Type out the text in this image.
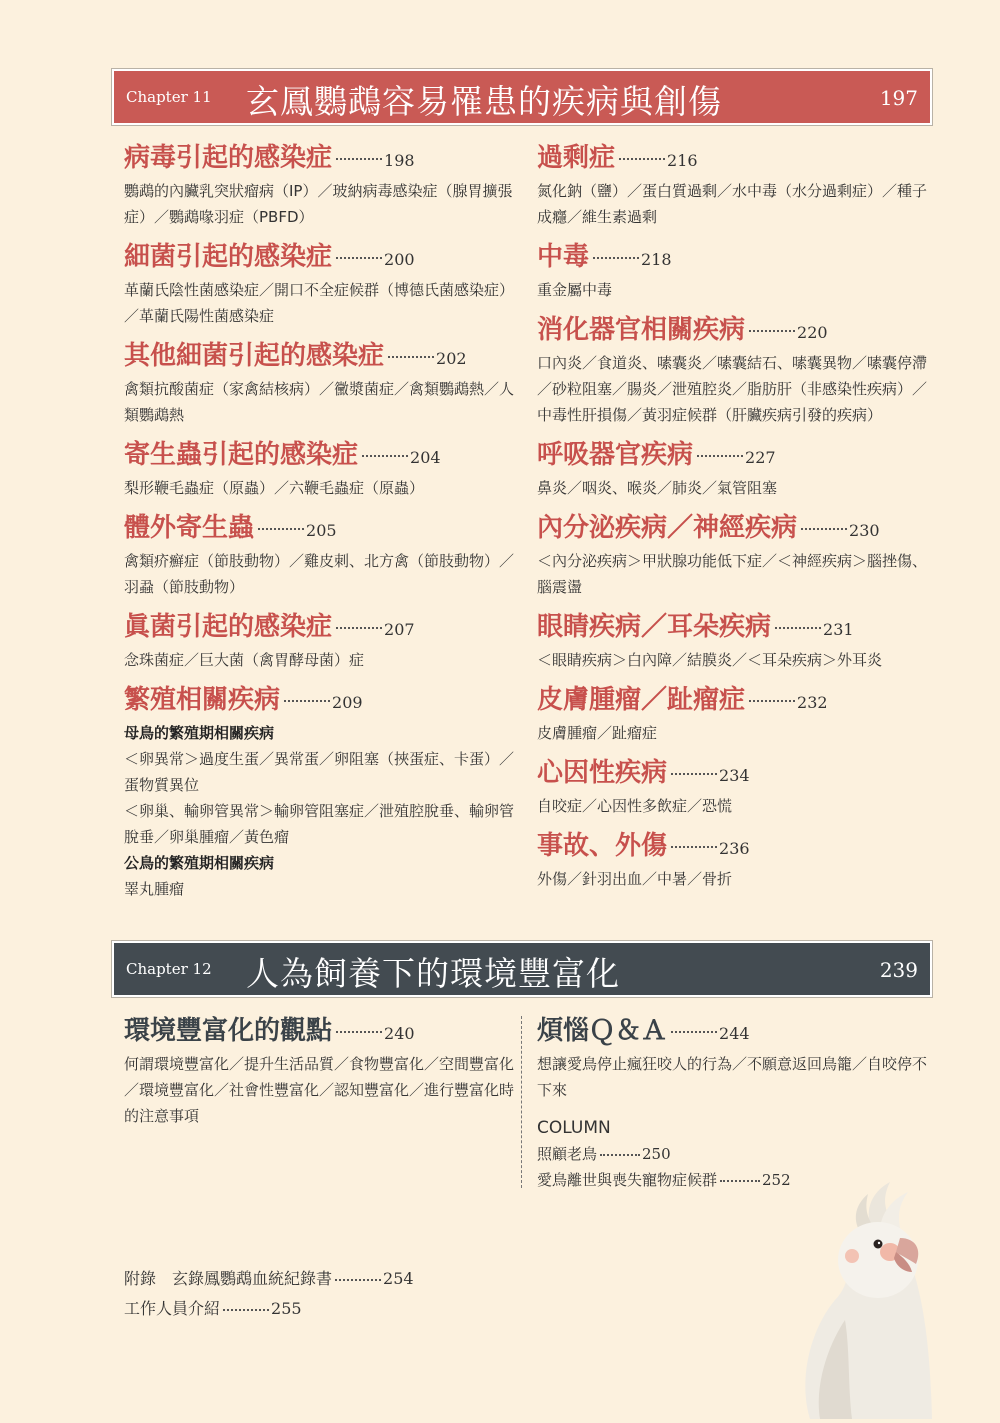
Chapter 11 玄鳳鸚鵡容易罹患的疾病與創傷	197
病毒引起的感染症	198
鸚鵡的內臟乳突狀瘤病（IP）／玻納病毒感染症（腺胃擴張症）／鸚鵡喙羽症（PBFD）
細菌引起的感染症	200
革蘭氏陰性菌感染症／開口不全症候群（博德氏菌感染症）／革蘭氏陽性菌感染症
其他細菌引起的感染症	202
禽類抗酸菌症（家禽結核病）／黴漿菌症／禽類鸚鵡熱／人類鸚鵡熱
寄生蟲引起的感染症	204
梨形鞭毛蟲症（原蟲）／六鞭毛蟲症（原蟲）
體外寄生蟲	205
禽類疥癬症（節肢動物）／雞皮刺、北方禽（節肢動物）／羽蝨（節肢動物）
眞菌引起的感染症	207
念珠菌症／巨大菌（禽胃酵母菌）症
繁殖相關疾病	209
母鳥的繁殖期相關疾病
＜卵異常＞過度生蛋／異常蛋／卵阻塞（挾蛋症、卡蛋）／蛋物質異位
＜卵巢、輸卵管異常＞輸卵管阻塞症／泄殖腔脫垂、輸卵管脫垂／卵巢腫瘤／黃色瘤
公鳥的繁殖期相關疾病
睪丸腫瘤
過剩症	216
氮化鈉（鹽）／蛋白質過剩／水中毒（水分過剩症）／種子成癮／維生素過剩
中毒	218
重金屬中毒
消化器官相關疾病	220
口內炎／食道炎、嗉囊炎／嗉囊結石、嗉囊異物／嗉囊停滯／砂粒阻塞／腸炎／泄殖腔炎／脂肪肝（非感染性疾病）／中毒性肝損傷／黃羽症候群（肝臟疾病引發的疾病）
呼吸器官疾病	227
鼻炎／咽炎、喉炎／肺炎／氣管阻塞
內分泌疾病／神經疾病	230
＜內分泌疾病＞甲狀腺功能低下症／＜神經疾病＞腦挫傷、腦震盪
眼睛疾病／耳朵疾病	231
＜眼睛疾病＞白內障／結膜炎／＜耳朵疾病＞外耳炎
皮膚腫瘤／趾瘤症	232
皮膚腫瘤／趾瘤症
心因性疾病	234
自咬症／心因性多飲症／恐慌
事故、外傷	236
外傷／針羽出血／中暑／骨折
Chapter 12 人為飼養下的環境豐富化	239
環境豐富化的觀點	240
何謂環境豐富化／提升生活品質／食物豐富化／空間豐富化／環境豐富化／社會性豐富化／認知豐富化／進行豐富化時的注意事項
煩惱Ｑ＆Ａ	244
想讓愛鳥停止瘋狂咬人的行為／不願意返回鳥籠／自咬停不下來
COLUMN
照顧老鳥	250
愛鳥離世與喪失寵物症候群	252
附錄　玄錄鳳鸚鵡血統紀錄書	254
工作人員介紹	255
